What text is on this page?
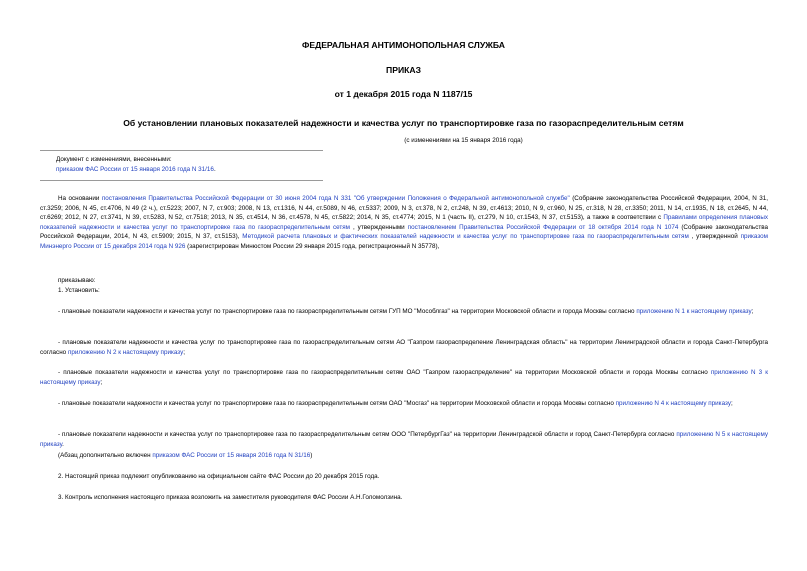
ФЕДЕРАЛЬНАЯ АНТИМОНОПОЛЬНАЯ СЛУЖБА
ПРИКАЗ
от 1 декабря 2015 года N 1187/15
Об установлении плановых показателей надежности и качества услуг по транспортировке газа по газораспределительным сетям
(с изменениями на 15 января 2016 года)
Документ с изменениями, внесенными:
приказом ФАС России от 15 января 2016 года N 31/16.
На основании постановления Правительства Российской Федерации от 30 июня 2004 года N 331 "Об утверждении Положения о Федеральной антимонопольной службе" (Собрание законодательства Российской Федерации, 2004, N 31, ст.3259; 2006, N 45, ст.4706, N 49 (2 ч.), ст.5223; 2007, N 7, ст.903; 2008, N 13, ст.1316, N 44, ст.5089, N 46, ст.5337; 2009, N 3, ст.378, N 2, ст.248, N 39, ст.4613; 2010, N 9, ст.960, N 25, ст.318, N 28, ст.3350; 2011, N 14, ст.1935, N 18, ст.2645, N 44, ст.6269; 2012, N 27, ст.3741, N 39, ст.5283, N 52, ст.7518; 2013, N 35, ст.4514, N 36, ст.4578, N 45, ст.5822; 2014, N 35, ст.4774; 2015, N 1 (часть II), ст.279, N 10, ст.1543, N 37, ст.5153), а также в соответствии с Правилами определения плановых показателей надежности и качества услуг по транспортировке газа по газораспределительным сетям , утвержденными постановлением Правительства Российской Федерации от 18 октября 2014 года N 1074 (Собрание законодательства Российской Федерации, 2014, N 43, ст.5909; 2015, N 37, ст.5153), Методикой расчета плановых и фактических показателей надежности и качества услуг по транспортировке газа по газораспределительным сетям , утвержденной приказом Минэнерго России от 15 декабря 2014 года N 926 (зарегистрирован Минюстом России 29 января 2015 года, регистрационный N 35778),
приказываю:
1. Установить:
- плановые показатели надежности и качества услуг по транспортировке газа по газораспределительным сетям ГУП МО "Мособлгаз" на территории Московской области и города Москвы согласно приложению N 1 к настоящему приказу;
- плановые показатели надежности и качества услуг по транспортировке газа по газораспределительным сетям АО "Газпром газораспределение Ленинградская область" на территории Ленинградской области и города Санкт-Петербурга согласно приложению N 2 к настоящему приказу;
- плановые показатели надежности и качества услуг по транспортировке газа по газораспределительным сетям ОАО "Газпром газораспределение" на территории Московской области и города Москвы согласно приложению N 3 к настоящему приказу;
- плановые показатели надежности и качества услуг по транспортировке газа по газораспределительным сетям ОАО "Мосгаз" на территории Московской области и города Москвы согласно приложению N 4 к настоящему приказу;
- плановые показатели надежности и качества услуг по транспортировке газа по газораспределительным сетям ООО "ПетербургГаз" на территории Ленинградской области и город Санкт-Петербурга согласно приложению N 5 к настоящему приказу.
(Абзац дополнительно включен приказом ФАС России от 15 января 2016 года N 31/16)
2. Настоящий приказ подлежит опубликованию на официальном сайте ФАС России до 20 декабря 2015 года.
3. Контроль исполнения настоящего приказа возложить на заместителя руководителя ФАС России А.Н.Голомолзина.
